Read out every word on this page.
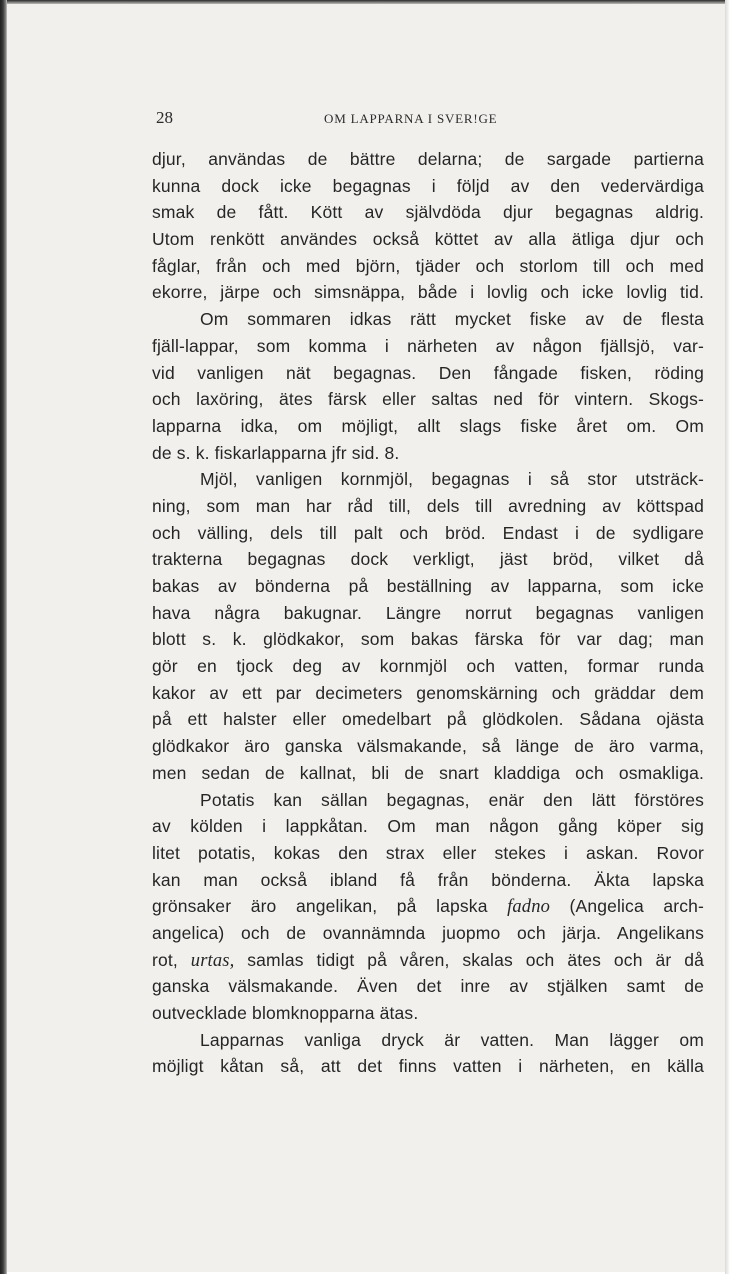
28	OM LAPPARNA I SVER!GE
djur, användas de bättre delarna; de sargade partierna
kunna dock icke begagnas i följd av den vedervärdiga
smak de fått. Kött av självdöda djur begagnas aldrig.
Utom renkött användes också köttet av alla ätliga djur och
fåglar, från och med björn, tjäder och storlom till och med
ekorre, järpe och simsnäppa, både i lovlig och icke lovlig tid.
Om sommaren idkas rätt mycket fiske av de flesta
fjäll-lappar, som komma i närheten av någon fjällsjö, var-
vid vanligen nät begagnas. Den fångade fisken, röding
och laxöring, ätes färsk eller saltas ned för vintern. Skogs-
lapparna idka, om möjligt, allt slags fiske året om. Om
de s. k. fiskarlapparna jfr sid. 8.
Mjöl, vanligen kornmjöl, begagnas i så stor utsträck-
ning, som man har råd till, dels till avredning av köttspad
och välling, dels till palt och bröd. Endast i de sydligare
trakterna begagnas dock verkligt, jäst bröd, vilket då
bakas av bönderna på beställning av lapparna, som icke
hava några bakugnar. Längre norrut begagnas vanligen
blott s. k. glödkakor, som bakas färska för var dag; man
gör en tjock deg av kornmjöl och vatten, formar runda
kakor av ett par decimeters genomskärning och gräddar dem
på ett halster eller omedelbart på glödkolen. Sådana ojästa
glödkakor äro ganska välsmakande, så länge de äro varma,
men sedan de kallnat, bli de snart kladdiga och osmakliga.
Potatis kan sällan begagnas, enär den lätt förstöres
av kölden i lappkåtan. Om man någon gång köper sig
litet potatis, kokas den strax eller stekes i askan. Rovor
kan man också ibland få från bönderna. Äkta lapska
grönsaker äro angelikan, på lapska fadno (Angelica arch-
angelica) och de ovannämnda juopmo och järja. Angelikans
rot, urtas, samlas tidigt på våren, skalas och ätes och är då
ganska välsmakande. Även det inre av stjälken samt de
outvecklade blomknopparna ätas.
Lapparnas vanliga dryck är vatten. Man lägger om
möjligt kåtan så, att det finns vatten i närheten, en källa
